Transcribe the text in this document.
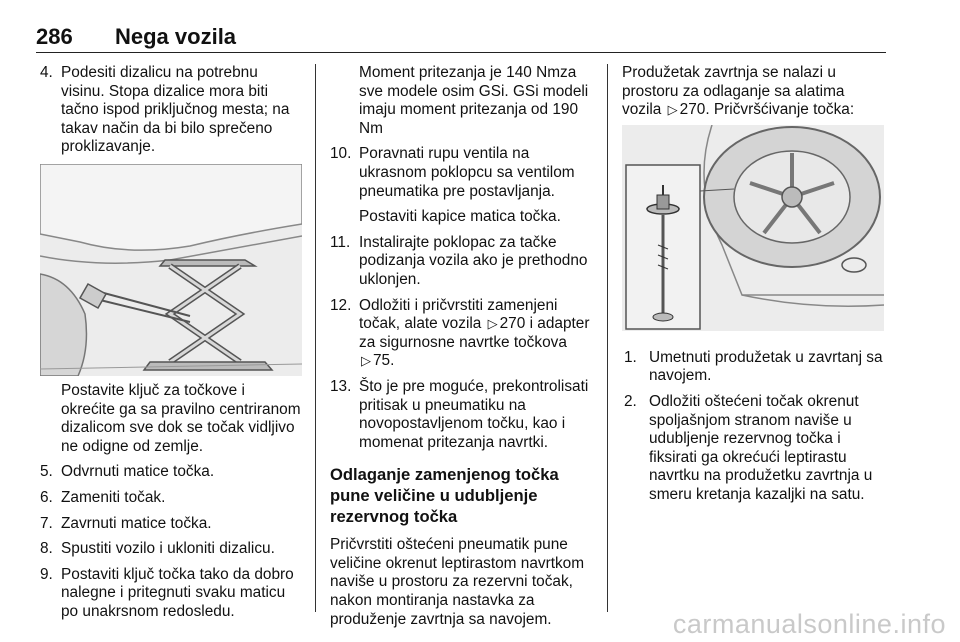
286 Nega vozila
4. Podesiti dizalicu na potrebnu visinu. Stopa dizalice mora biti tačno ispod priključnog mesta; na takav način da bi bilo sprečeno proklizavanje.
Postavite ključ za točkove i okrećite ga sa pravilno centriranom dizalicom sve dok se točak vidljivo ne odigne od zemlje.
5. Odvrnuti matice točka.
6. Zameniti točak.
7. Zavrnuti matice točka.
8. Spustiti vozilo i ukloniti dizalicu.
9. Postaviti ključ točka tako da dobro nalegne i pritegnuti svaku maticu po unakrsnom redosledu.
Moment pritezanja je 140 Nmza sve modele osim GSi. GSi modeli imaju moment pritezanja od 190 Nm
10. Poravnati rupu ventila na ukrasnom poklopcu sa ventilom pneumatika pre postavljanja.
Postaviti kapice matica točka.
11. Instalirajte poklopac za tačke podizanja vozila ako je prethodno uklonjen.
12. Odložiti i pričvrstiti zamenjeni točak, alate vozila ▷ 270 i adapter za sigurnosne navrtke točkova
▷ 75.
13. Što je pre moguće, prekontrolisati pritisak u pneumatiku na novopostavljenom točku, kao i momenat pritezanja navrtki.
Odlaganje zamenjenog točka pune veličine u udubljenje rezervnog točka
Pričvrstiti oštećeni pneumatik pune veličine okrenut leptirastom navrtkom naviše u prostoru za rezervni točak, nakon montiranja nastavka za produženje zavrtnja sa navojem.
Produžetak zavrtnja se nalazi u prostoru za odlaganje sa alatima vozila ▷ 270. Pričvršćivanje točka:
1. Umetnuti produžetak u zavrtanj sa navojem.
2. Odložiti oštećeni točak okrenut spoljašnjom stranom naviše u udubljenje rezervnog točka i fiksirati ga okrećući leptirastu navrtku na produžetku zavrtnja u smeru kretanja kazaljki na satu.
carmanualsonline.info
